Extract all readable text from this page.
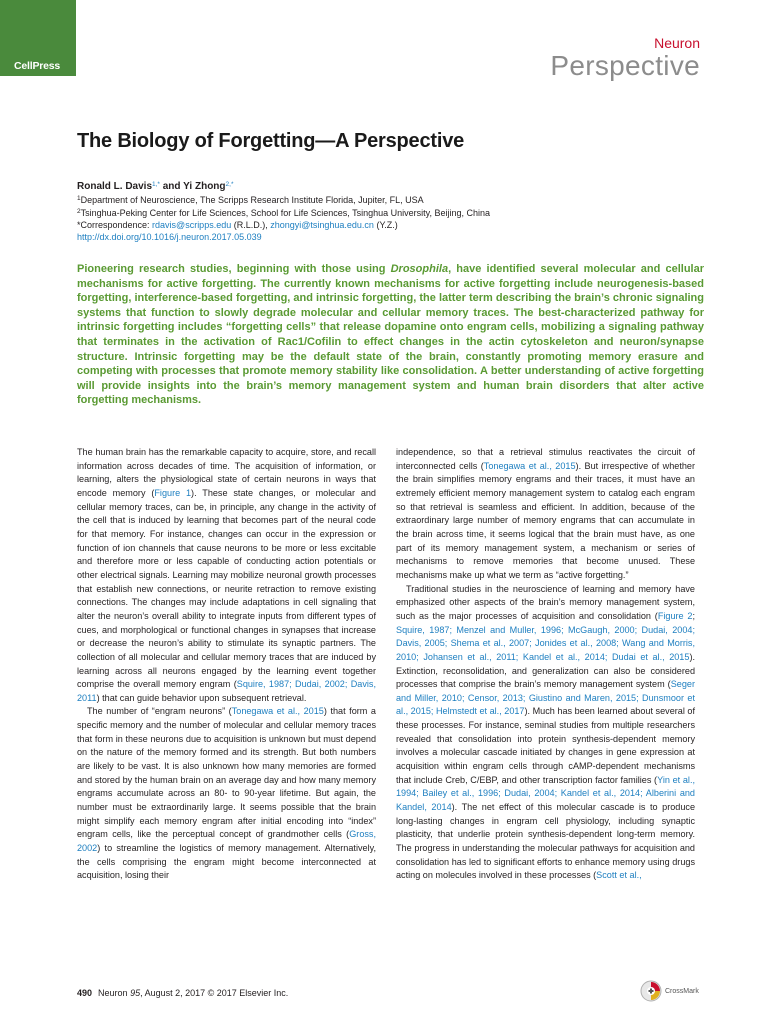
CellPress
Neuron
Perspective
The Biology of Forgetting—A Perspective
Ronald L. Davis$^{1,*}$ and Yi Zhong$^{2,*}$
$^1$Department of Neuroscience, The Scripps Research Institute Florida, Jupiter, FL, USA
$^2$Tsinghua-Peking Center for Life Sciences, School for Life Sciences, Tsinghua University, Beijing, China
*Correspondence: rdavis@scripps.edu (R.L.D.), zhongyi@tsinghua.edu.cn (Y.Z.)
http://dx.doi.org/10.1016/j.neuron.2017.05.039
Pioneering research studies, beginning with those using Drosophila, have identified several molecular and cellular mechanisms for active forgetting. The currently known mechanisms for active forgetting include neurogenesis-based forgetting, interference-based forgetting, and intrinsic forgetting, the latter term describing the brain’s chronic signaling systems that function to slowly degrade molecular and cellular memory traces. The best-characterized pathway for intrinsic forgetting includes “forgetting cells” that release dopamine onto engram cells, mobilizing a signaling pathway that terminates in the activation of Rac1/Cofilin to effect changes in the actin cytoskeleton and neuron/synapse structure. Intrinsic forgetting may be the default state of the brain, constantly promoting memory erasure and competing with processes that promote memory stability like consolidation. A better understanding of active forgetting will provide insights into the brain’s memory management system and human brain disorders that alter active forgetting mechanisms.

The human brain has the remarkable capacity to acquire, store, and recall information across decades of time. The acquisition of information, or learning, alters the physiological state of certain neurons in ways that encode memory (Figure 1). These state changes, or molecular and cellular memory traces, can be, in principle, any change in the activity of the cell that is induced by learning that becomes part of the neural code for that memory. For instance, changes can occur in the expression or function of ion channels that cause neurons to be more or less excitable and therefore more or less capable of conducting action potentials or other electrical signals. Learning may mobilize neuronal growth processes that establish new connections, or neurite retraction to remove existing connections. The changes may include adaptations in cell signaling that alter the neuron’s overall ability to integrate inputs from different types of cues, and morphological or functional changes in synapses that increase or decrease the neuron’s ability to stimulate its synaptic partners. The collection of all molecular and cellular memory traces that are induced by learning across all neurons engaged by the learning event together comprise the overall memory engram (Squire, 1987; Dudai, 2002; Davis, 2011) that can guide behavior upon subsequent retrieval.

The number of “engram neurons” (Tonegawa et al., 2015) that form a specific memory and the number of molecular and cellular memory traces that form in these neurons due to acquisition is unknown but must depend on the nature of the memory formed and its strength. But both numbers are likely to be vast. It is also unknown how many memories are formed and stored by the human brain on an average day and how many memory engrams accumulate across an 80- to 90-year lifetime. But again, the number must be extraordinarily large. It seems possible that the brain might simplify each memory engram after initial encoding into “index” engram cells, like the perceptual concept of grandmother cells (Gross, 2002) to streamline the logistics of memory management. Alternatively, the cells comprising the engram might become interconnected at acquisition, losing their

independence, so that a retrieval stimulus reactivates the circuit of interconnected cells (Tonegawa et al., 2015). But irrespective of whether the brain simplifies memory engrams and their traces, it must have an extremely efficient memory management system to catalog each engram so that retrieval is seamless and efficient. In addition, because of the extraordinary large number of memory engrams that can accumulate in the brain across time, it seems logical that the brain must have, as one part of its memory management system, a mechanism or series of mechanisms to remove memories that become unused. These mechanisms make up what we term as “active forgetting.”

Traditional studies in the neuroscience of learning and memory have emphasized other aspects of the brain’s memory management system, such as the major processes of acquisition and consolidation (Figure 2; Squire, 1987; Menzel and Muller, 1996; McGaugh, 2000; Dudai, 2004; Davis, 2005; Shema et al., 2007; Jonides et al., 2008; Wang and Morris, 2010; Johansen et al., 2011; Kandel et al., 2014; Dudai et al., 2015). Extinction, reconsolidation, and generalization can also be considered processes that comprise the brain’s memory management system (Seger and Miller, 2010; Censor, 2013; Giustino and Maren, 2015; Dunsmoor et al., 2015; Helmstedt et al., 2017). Much has been learned about several of these processes. For instance, seminal studies from multiple researchers revealed that consolidation into protein synthesis-dependent memory involves a molecular cascade initiated by changes in gene expression at acquisition within engram cells through cAMP-dependent mechanisms that include Creb, C/EBP, and other transcription factor families (Yin et al., 1994; Bailey et al., 1996; Dudai, 2004; Kandel et al., 2014; Alberini and Kandel, 2014). The net effect of this molecular cascade is to produce long-lasting changes in engram cell physiology, including synaptic plasticity, that underlie protein synthesis-dependent long-term memory. The progress in understanding the molecular pathways for acquisition and consolidation has led to significant efforts to enhance memory using drugs acting on molecules involved in these processes (Scott et al.,

490 Neuron 95, August 2, 2017 © 2017 Elsevier Inc.	CrossMark
